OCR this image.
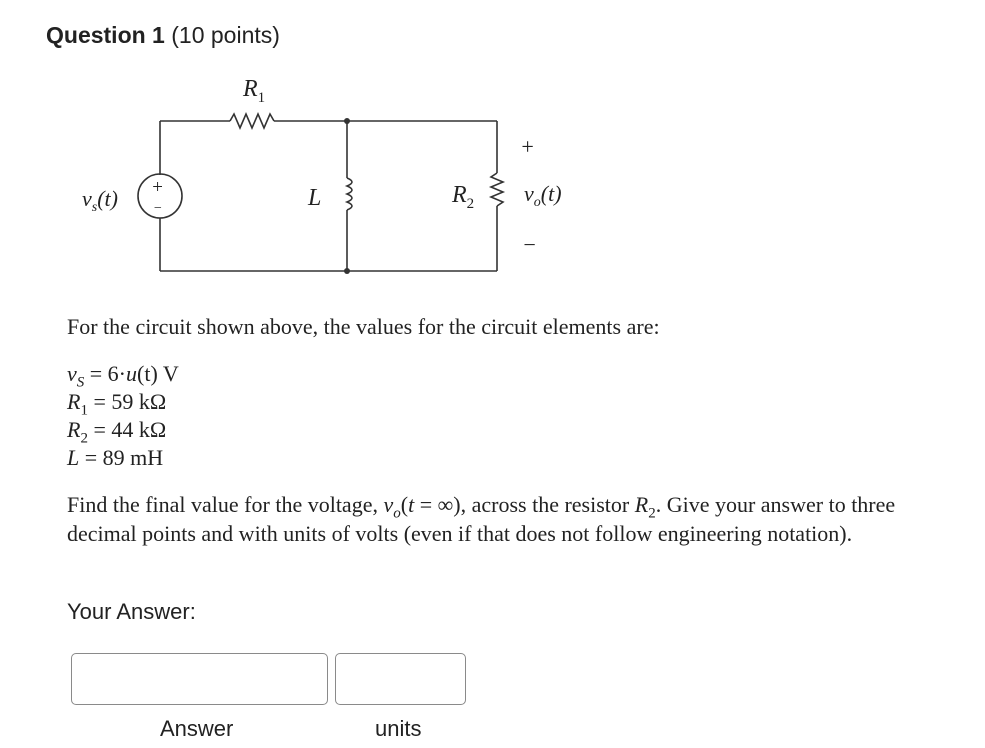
Question 1 (10 points)
$R_1$
L	$R_2$
$v_s(t)$ +
−
+
−
$v_o(t)$
For the circuit shown above, the values for the circuit elements are:
$v_S = 6\cdot u(t)$ V
$R_1 = 59$ kΩ
$R_2 = 44$ kΩ
L = 89 mH
Find the final value for the voltage, $v_o(t$ = ∞), across the resistor $R_2$. Give your answer to three decimal points and with units of volts (even if that does not follow engineering notation).
Your Answer:
Answer	units
